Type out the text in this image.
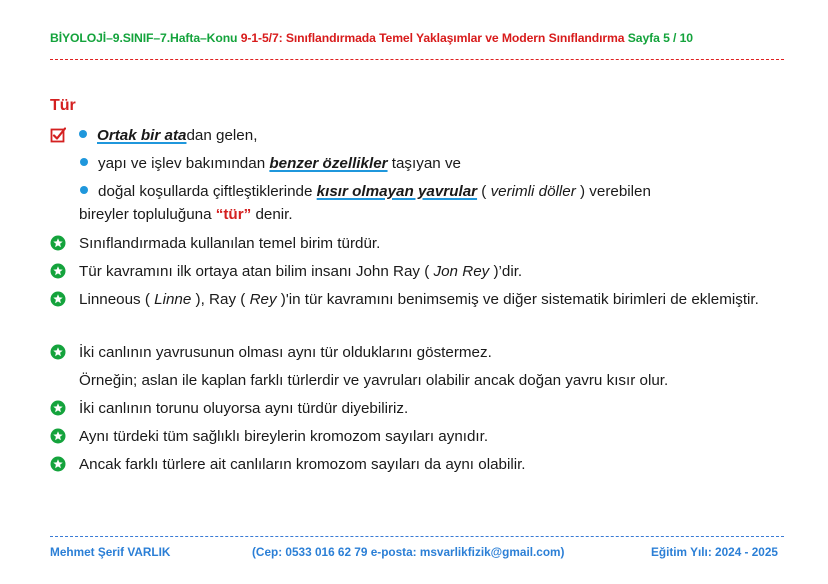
BİYOLOJİ–9.SINIF–7.Hafta–Konu 9-1-5/7: Sınıflandırmada Temel Yaklaşımlar ve Modern Sınıflandırma Sayfa 5 / 10
Tür
Ortak bir atadan gelen,
yapı ve işlev bakımından benzer özellikler taşıyan ve
doğal koşullarda çiftleştiklerinde kısır olmayan yavrular ( verimli döller ) verebilen
bireyler topluluğuna “tür” denir.
Sınıflandırmada kullanılan temel birim türdür.
Tür kavramını ilk ortaya atan bilim insanı John Ray ( Jon Rey )’dir.
Linneous ( Linne ), Ray ( Rey )'in tür kavramını benimsemiş ve diğer sistematik birimleri de eklemiştir.
İki canlının yavrusunun olması aynı tür olduklarını göstermez.
Örneğin; aslan ile kaplan farklı türlerdir ve yavruları olabilir ancak doğan yavru kısır olur.
İki canlının torunu oluyorsa aynı türdür diyebiliriz.
Aynı türdeki tüm sağlıklı bireylerin kromozom sayıları aynıdır.
Ancak farklı türlere ait canlıların kromozom sayıları da aynı olabilir.
Mehmet Şerif VARLIK	(Cep: 0533 016 62 79 e-posta: msvarlikfizik@gmail.com)	Eğitim Yılı: 2024 - 2025
